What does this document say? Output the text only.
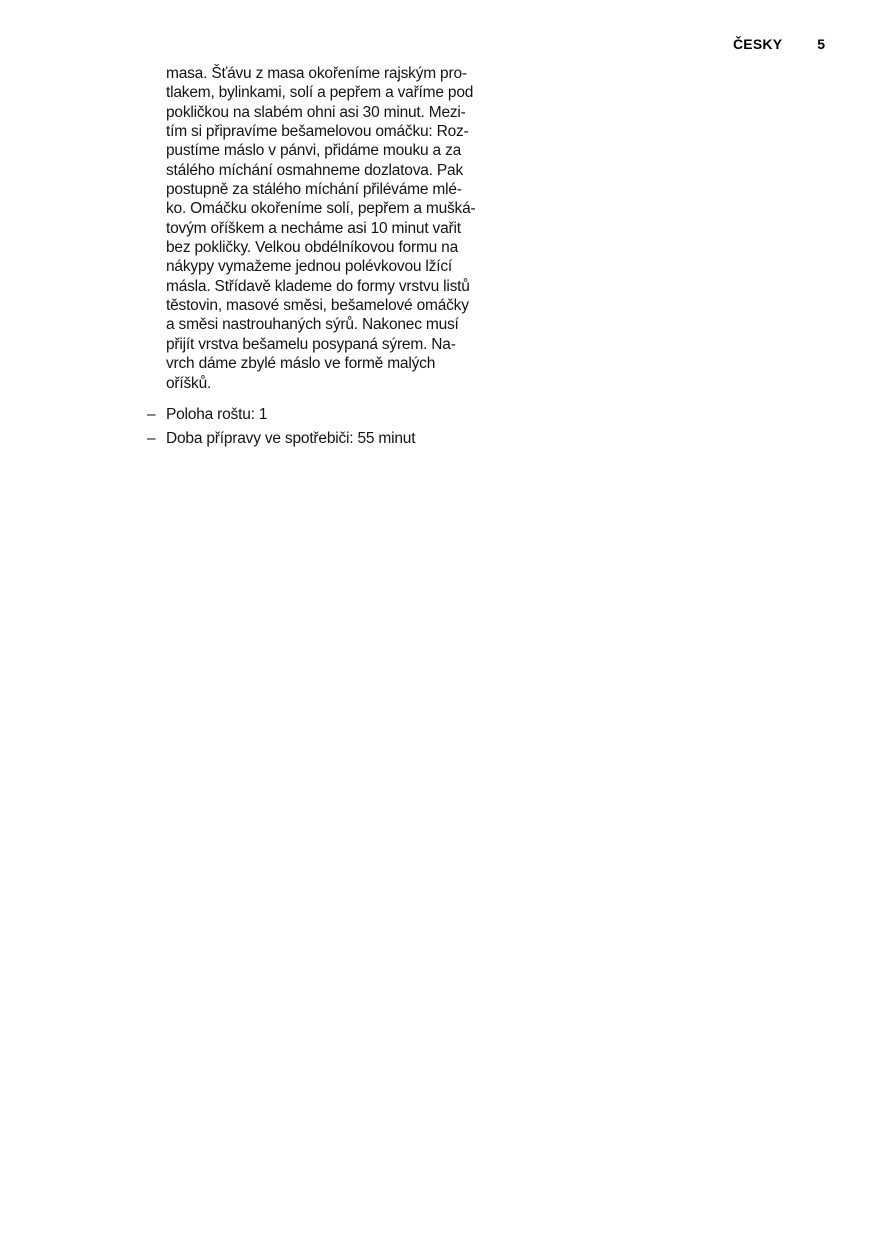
ČESKY	5
masa. Šťávu z masa okořeníme rajským pro-
tlakem, bylinkami, solí a pepřem a vaříme pod
pokličkou na slabém ohni asi 30 minut. Mezi-
tím si připravíme bešamelovou omáčku: Roz-
pustíme máslo v pánvi, přidáme mouku a za
stálého míchání osmahneme dozlatova. Pak
postupně za stálého míchání přiléváme mlé-
ko. Omáčku okořeníme solí, pepřem a mušká-
tovým oříškem a necháme asi 10 minut vařit
bez pokličky. Velkou obdélníkovou formu na
nákypy vymažeme jednou polévkovou lžící
másla. Střídavě klademe do formy vrstvu listů
těstovin, masové směsi, bešamelové omáčky
a směsi nastrouhaných sýrů. Nakonec musí
přijít vrstva bešamelu posypaná sýrem. Na-
vrch dáme zbylé máslo ve formě malých
oříšků.
– Poloha roštu: 1
– Doba přípravy ve spotřebiči: 55 minut
